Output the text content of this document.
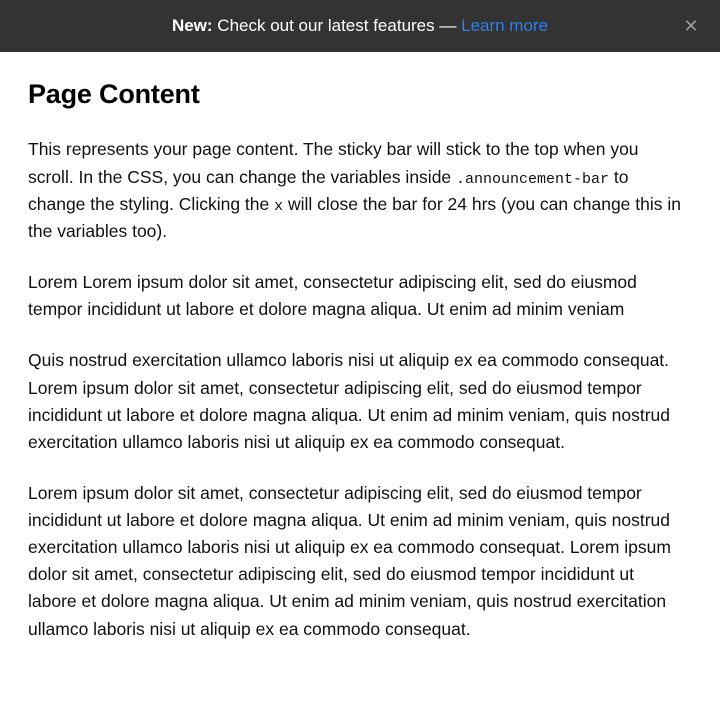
New: Check out our latest features — Learn more	✕
Page Content

This represents your page content. The sticky bar will stick to the top when you scroll. In the CSS, you can change the variables inside .announcement-bar to change the styling. Clicking the x will close the bar for 24 hrs (you can change this in the variables too).

Lorem Lorem ipsum dolor sit amet, consectetur adipiscing elit, sed do eiusmod tempor incididunt ut labore et dolore magna aliqua. Ut enim ad minim veniam

Quis nostrud exercitation ullamco laboris nisi ut aliquip ex ea commodo consequat. Lorem ipsum dolor sit amet, consectetur adipiscing elit, sed do eiusmod tempor incididunt ut labore et dolore magna aliqua. Ut enim ad minim veniam, quis nostrud exercitation ullamco laboris nisi ut aliquip ex ea commodo consequat.

Lorem ipsum dolor sit amet, consectetur adipiscing elit, sed do eiusmod tempor incididunt ut labore et dolore magna aliqua. Ut enim ad minim veniam, quis nostrud exercitation ullamco laboris nisi ut aliquip ex ea commodo consequat. Lorem ipsum dolor sit amet, consectetur adipiscing elit, sed do eiusmod tempor incididunt ut labore et dolore magna aliqua. Ut enim ad minim veniam, quis nostrud exercitation ullamco laboris nisi ut aliquip ex ea commodo consequat.
